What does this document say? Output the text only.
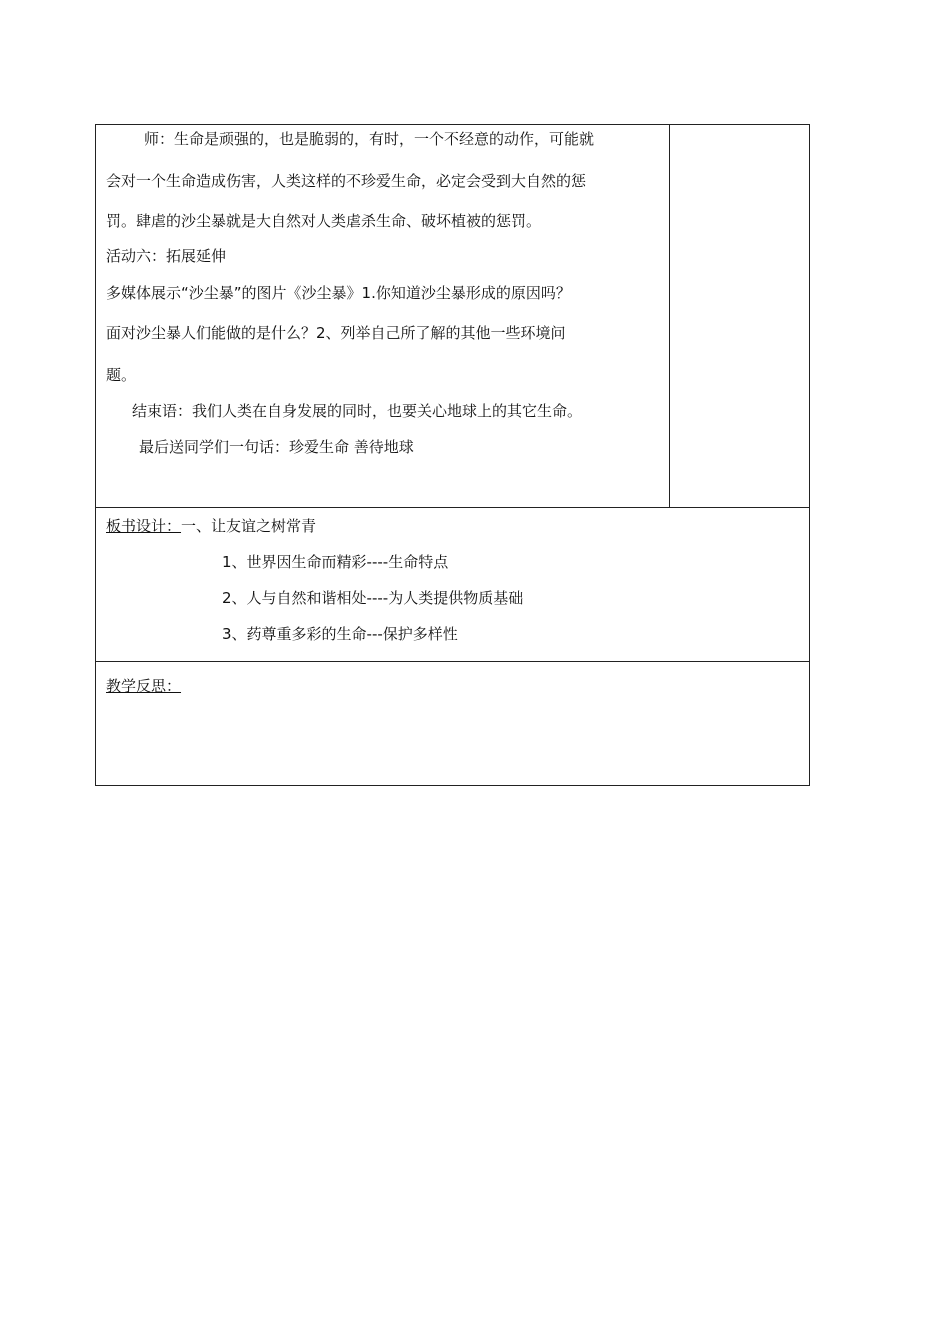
师：生命是顽强的，也是脆弱的，有时，一个不经意的动作，可能就
会对一个生命造成伤害，人类这样的不珍爱生命，必定会受到大自然的惩
罚。肆虐的沙尘暴就是大自然对人类虐杀生命、破坏植被的惩罚。
活动六：拓展延伸
多媒体展示“沙尘暴”的图片《沙尘暴》1.你知道沙尘暴形成的原因吗？
面对沙尘暴人们能做的是什么？2、列举自己所了解的其他一些环境问
题。
结束语：我们人类在自身发展的同时，也要关心地球上的其它生命。
最后送同学们一句话：珍爱生命 善待地球
板书设计：一、让友谊之树常青
1、世界因生命而精彩----生命特点
2、人与自然和谐相处----为人类提供物质基础
3、药尊重多彩的生命---保护多样性
教学反思：
